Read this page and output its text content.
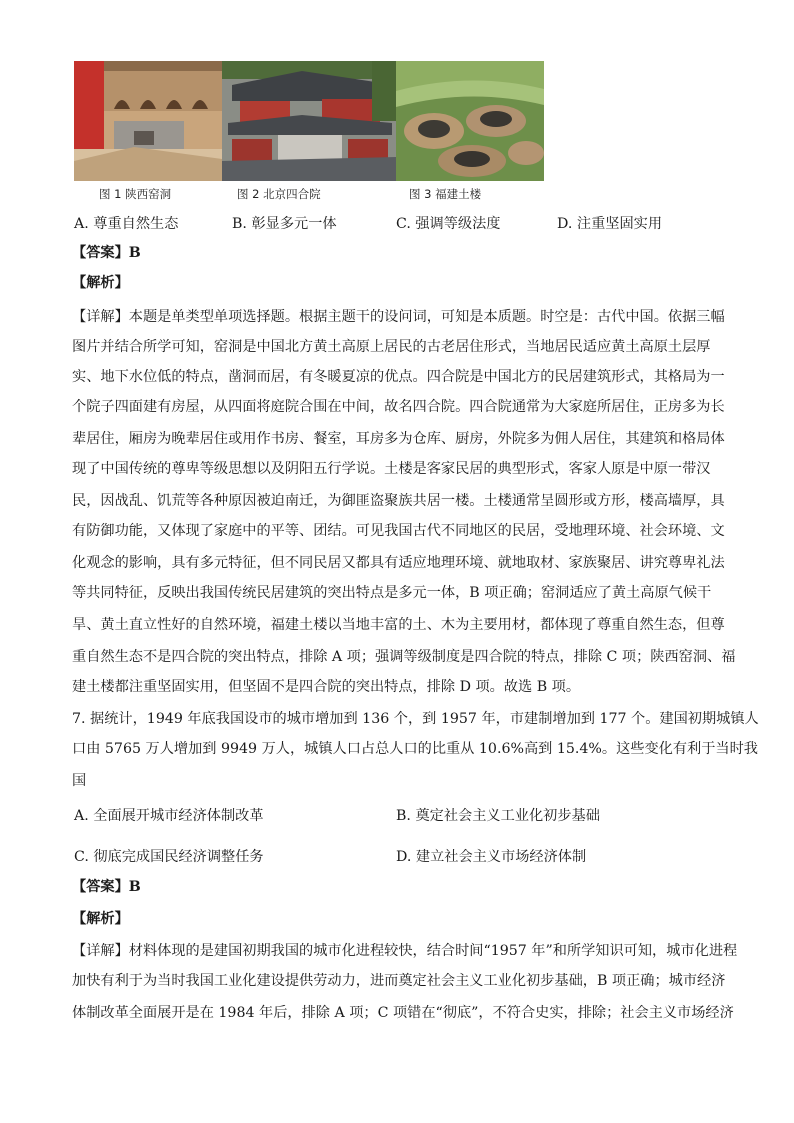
图 1 陕西窑洞	图 2 北京四合院	图 3 福建土楼
A. 尊重自然生态	B. 彰显多元一体	C. 强调等级法度	D. 注重坚固实用
【答案】B
【解析】
【详解】本题是单类型单项选择题。根据主题干的设问词，可知是本质题。时空是：古代中国。依据三幅
图片并结合所学可知，窑洞是中国北方黄土高原上居民的古老居住形式，当地居民适应黄土高原土层厚
实、地下水位低的特点，凿洞而居，有冬暖夏凉的优点。四合院是中国北方的民居建筑形式，其格局为一
个院子四面建有房屋，从四面将庭院合围在中间，故名四合院。四合院通常为大家庭所居住，正房多为长
辈居住，厢房为晚辈居住或用作书房、餐室，耳房多为仓库、厨房，外院多为佣人居住，其建筑和格局体
现了中国传统的尊卑等级思想以及阴阳五行学说。土楼是客家民居的典型形式，客家人原是中原一带汉
民，因战乱、饥荒等各种原因被迫南迁，为御匪盗聚族共居一楼。土楼通常呈圆形或方形，楼高墙厚，具
有防御功能，又体现了家庭中的平等、团结。可见我国古代不同地区的民居，受地理环境、社会环境、文
化观念的影响，具有多元特征，但不同民居又都具有适应地理环境、就地取材、家族聚居、讲究尊卑礼法
等共同特征，反映出我国传统民居建筑的突出特点是多元一体，B 项正确；窑洞适应了黄土高原气候干
旱、黄土直立性好的自然环境，福建土楼以当地丰富的土、木为主要用材，都体现了尊重自然生态，但尊
重自然生态不是四合院的突出特点，排除 A 项；强调等级制度是四合院的特点，排除 C 项；陕西窑洞、福
建土楼都注重坚固实用，但坚固不是四合院的突出特点，排除 D 项。故选 B 项。
7. 据统计，1949 年底我国设市的城市增加到 136 个，到 1957 年，市建制增加到 177 个。建国初期城镇人
口由 5765 万人增加到 9949 万人，城镇人口占总人口的比重从 10.6%高到 15.4%。这些变化有利于当时我
国
A. 全面展开城市经济体制改革	B. 奠定社会主义工业化初步基础
C. 彻底完成国民经济调整任务	D. 建立社会主义市场经济体制
【答案】B
【解析】
【详解】材料体现的是建国初期我国的城市化进程较快，结合时间“1957 年”和所学知识可知，城市化进程
加快有利于为当时我国工业化建设提供劳动力，进而奠定社会主义工业化初步基础，B 项正确；城市经济
体制改革全面展开是在 1984 年后，排除 A 项；C 项错在“彻底”，不符合史实，排除；社会主义市场经济
